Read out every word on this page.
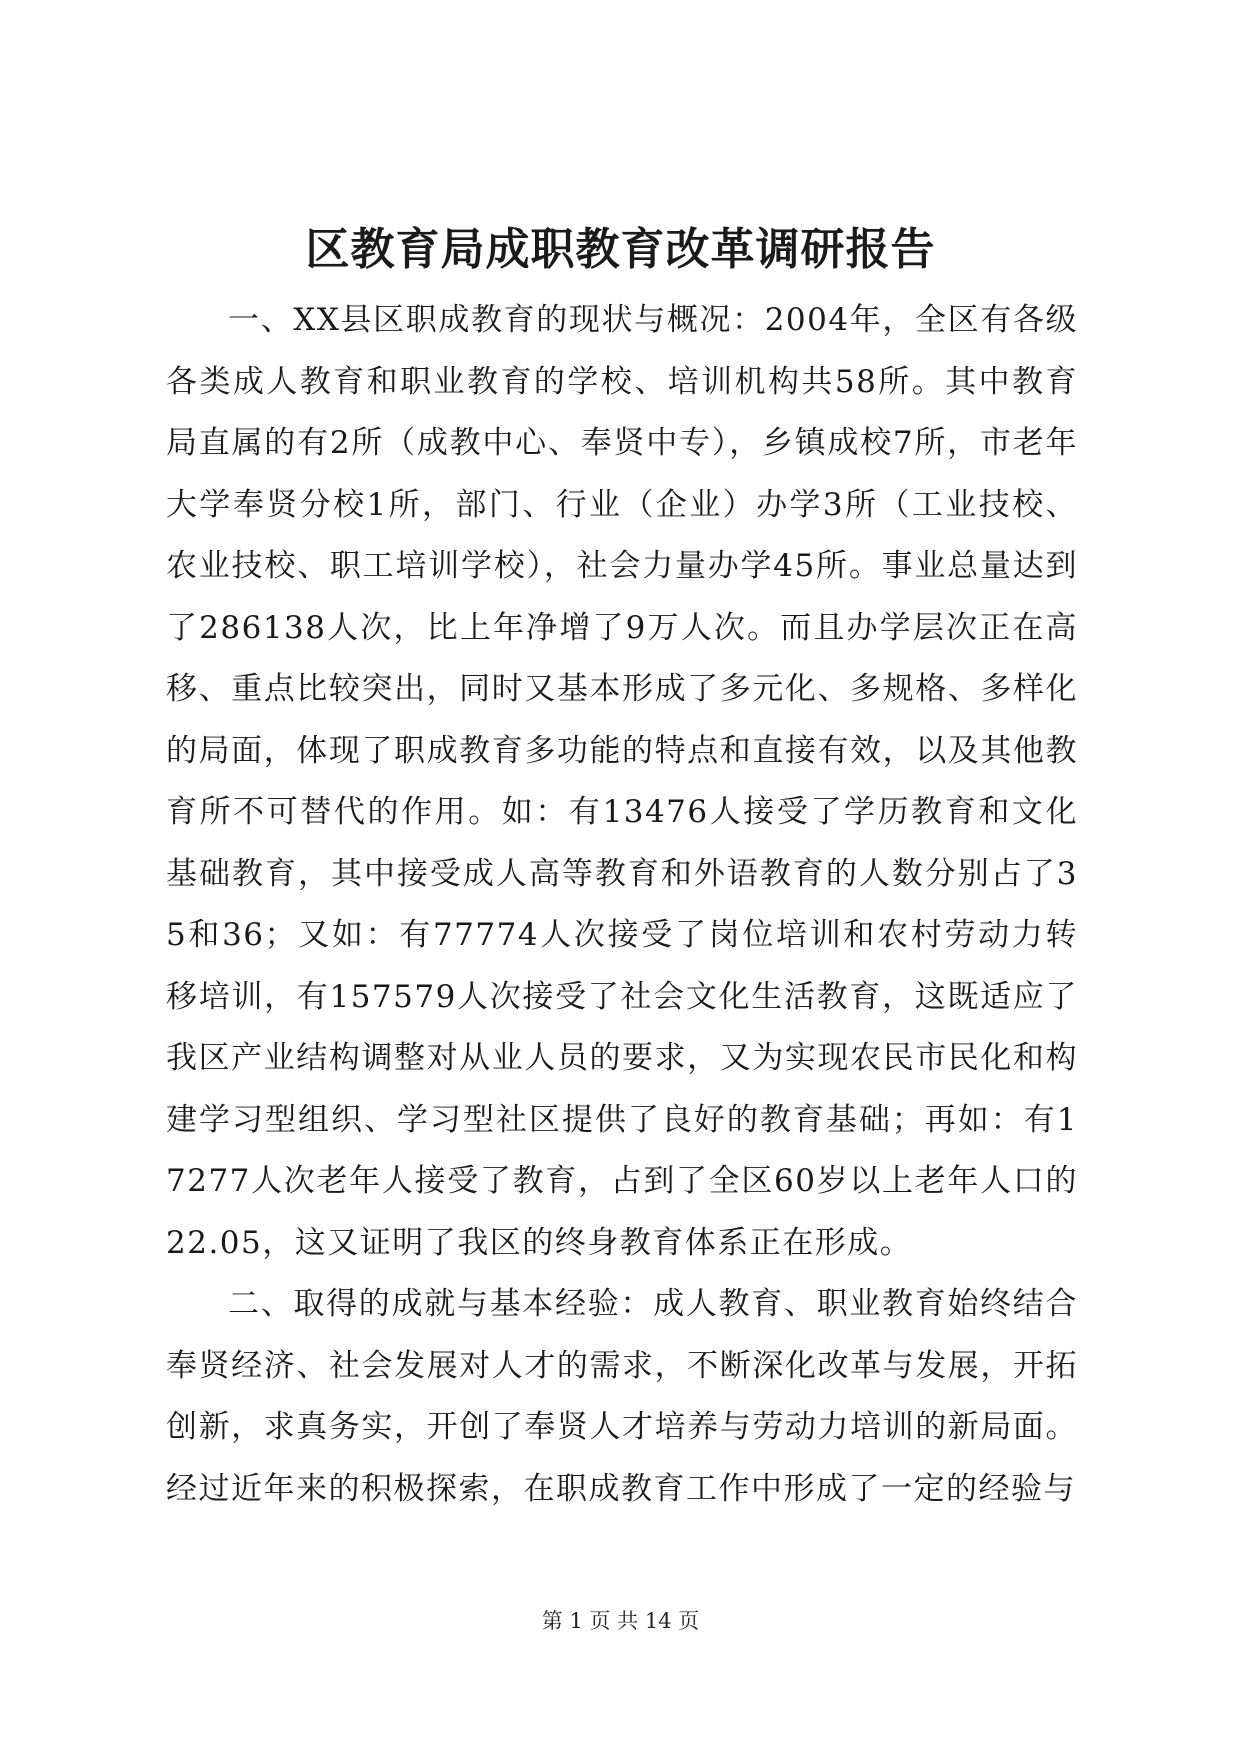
区教育局成职教育改革调研报告

一、XX县区职成教育的现状与概况：2004年，全区有各级各类成人教育和职业教育的学校、培训机构共58所。其中教育局直属的有2所（成教中心、奉贤中专），乡镇成校7所，市老年大学奉贤分校1所，部门、行业（企业）办学3所（工业技校、农业技校、职工培训学校），社会力量办学45所。事业总量达到了286138人次，比上年净增了9万人次。而且办学层次正在高移、重点比较突出，同时又基本形成了多元化、多规格、多样化的局面，体现了职成教育多功能的特点和直接有效，以及其他教育所不可替代的作用。如：有13476人接受了学历教育和文化基础教育，其中接受成人高等教育和外语教育的人数分别占了35和36；又如：有77774人次接受了岗位培训和农村劳动力转移培训，有157579人次接受了社会文化生活教育，这既适应了我区产业结构调整对从业人员的要求，又为实现农民市民化和构建学习型组织、学习型社区提供了良好的教育基础；再如：有17277人次老年人接受了教育，占到了全区60岁以上老年人口的22.05，这又证明了我区的终身教育体系正在形成。

二、取得的成就与基本经验：成人教育、职业教育始终结合奉贤经济、社会发展对人才的需求，不断深化改革与发展，开拓创新，求真务实，开创了奉贤人才培养与劳动力培训的新局面。经过近年来的积极探索，在职成教育工作中形成了一定的经验与

第 1 页 共 14 页
